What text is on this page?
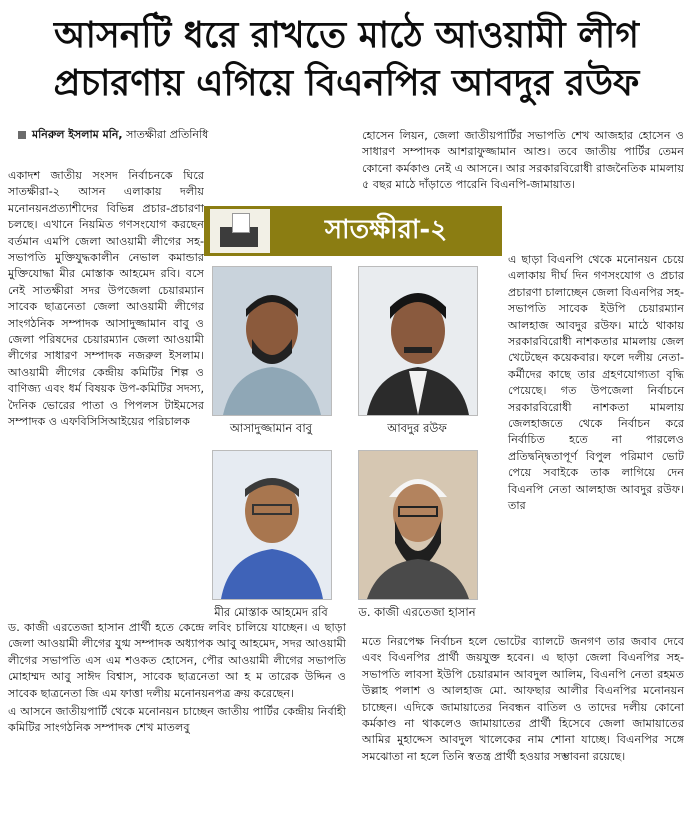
আসনটি ধরে রাখতে মাঠে আওয়ামী লীগ
প্রচারণায় এগিয়ে বিএনপির আবদুর রউফ
মনিরুল ইসলাম মনি, সাতক্ষীরা প্রতিনিধি

একাদশ জাতীয় সংসদ নির্বাচনকে ঘিরে সাতক্ষীরা-২ আসন এলাকায় দলীয় মনোনয়নপ্রত্যাশীদের বিভিন্ন প্রচার-প্রচারণা চলছে। এখানে নিয়মিত গণসংযোগ করছেন বর্তমান এমপি জেলা আওয়ামী লীগের সহ-সভাপতি মুক্তিযুদ্ধকালীন নেভাল কমান্ডার মুক্তিযোদ্ধা মীর মোস্তাক আহমেদ রবি। বসে নেই সাতক্ষীরা সদর উপজেলা চেয়ারম্যান সাবেক ছাত্রনেতা জেলা আওয়ামী লীগের সাংগঠনিক সম্পাদক আসাদুজ্জামান বাবু ও জেলা পরিষদের চেয়ারম্যান জেলা আওয়ামী লীগের সাধারণ সম্পাদক নজরুল ইসলাম। আওয়ামী লীগের কেন্দ্রীয় কমিটির শিল্প ও বাণিজ্য এবং ধর্ম বিষয়ক উপ-কমিটির সদস্য, দৈনিক ভোরের পাতা ও পিপলস টাইমসের সম্পাদক ও এফবিসিসিআইয়ের পরিচালক

হোসেন লিয়ন, জেলা জাতীয়পার্টির সভাপতি শেখ আজহার হোসেন ও সাধারণ সম্পাদক আশরাফুজ্জামান আশু। তবে জাতীয় পার্টির তেমন কোনো কর্মকাণ্ড নেই এ আসনে। আর সরকারবিরোধী রাজনৈতিক মামলায় ৫ বছর মাঠে দাঁড়াতে পারেনি বিএনপি-জামায়াত।

এ ছাড়া বিএনপি থেকে মনোনয়ন চেয়ে এলাকায় দীর্ঘ দিন গণসংযোগ ও প্রচার প্রচারণা চালাচ্ছেন জেলা বিএনপির সহ-সভাপতি সাবেক ইউপি চেয়ারম্যান আলহাজ আবদুর রউফ। মাঠে থাকায় সরকারবিরোধী নাশকতার মামলায় জেল খেটেছেন কয়েকবার। ফলে দলীয় নেতা-কর্মীদের কাছে তার গ্রহণযোগ্যতা বৃদ্ধি পেয়েছে। গত উপজেলা নির্বাচনে সরকারবিরোধী নাশকতা মামলায় জেলহাজতে থেকে নির্বাচন করে নির্বাচিত হতে না পারলেও প্রতিদ্বন্দ্বিতাপূর্ণ বিপুল পরিমাণ ভোট পেয়ে সবাইকে তাক লাগিয়ে দেন বিএনপি নেতা আলহাজ আবদুর রউফ। তার

সাতক্ষীরা-২
আসাদুজ্জামান বাবু	আবদুর রউফ
মীর মোস্তাক আহমেদ রবি	ড. কাজী এরতেজা হাসান

ড. কাজী এরতেজা হাসান প্রার্থী হতে কেন্দ্রে লবিং চালিয়ে যাচ্ছেন। এ ছাড়া জেলা আওয়ামী লীগের যুগ্ম সম্পাদক অধ্যাপক আবু আহমেদ, সদর আওয়ামী লীগের সভাপতি এস এম শওকত হোসেন, পৌর আওয়ামী লীগের সভাপতি মোহাম্মদ আবু সাঈদ বিশ্বাস, সাবেক ছাত্রনেতা আ হ ম তারেক উদ্দিন ও সাবেক ছাত্রনেতা জি এম ফাত্তা দলীয় মনোনয়নপত্র ক্রয় করেছেন।

এ আসনে জাতীয়পার্টি থেকে মনোনয়ন চাচ্ছেন জাতীয় পার্টির কেন্দ্রীয় নির্বাহী কমিটির সাংগঠনিক সম্পাদক শেখ মাতলবু

মতে নিরপেক্ষ নির্বাচন হলে ভোটের ব্যালটে জনগণ তার জবাব দেবে এবং বিএনপির প্রার্থী জয়যুক্ত হবেন। এ ছাড়া জেলা বিএনপির সহ-সভাপতি লাবসা ইউপি চেয়ারমান আবদুল আলিম, বিএনপি নেতা রহমত উল্লাহ পলাশ ও আলহাজ মো. আফছার আলীর বিএনপির মনোনয়ন চাচ্ছেন। এদিকে জামায়াতের নিবন্ধন বাতিল ও তাদের দলীয় কোনো কর্মকাণ্ড না থাকলেও জামায়াতের প্রার্থী হিসেবে জেলা জামায়াতের আমির মুহাদ্দেস আবদুল খালেকের নাম শোনা যাচ্ছে। বিএনপির সঙ্গে সমঝোতা না হলে তিনি স্বতন্ত্র প্রার্থী হওয়ার সম্ভাবনা রয়েছে।
